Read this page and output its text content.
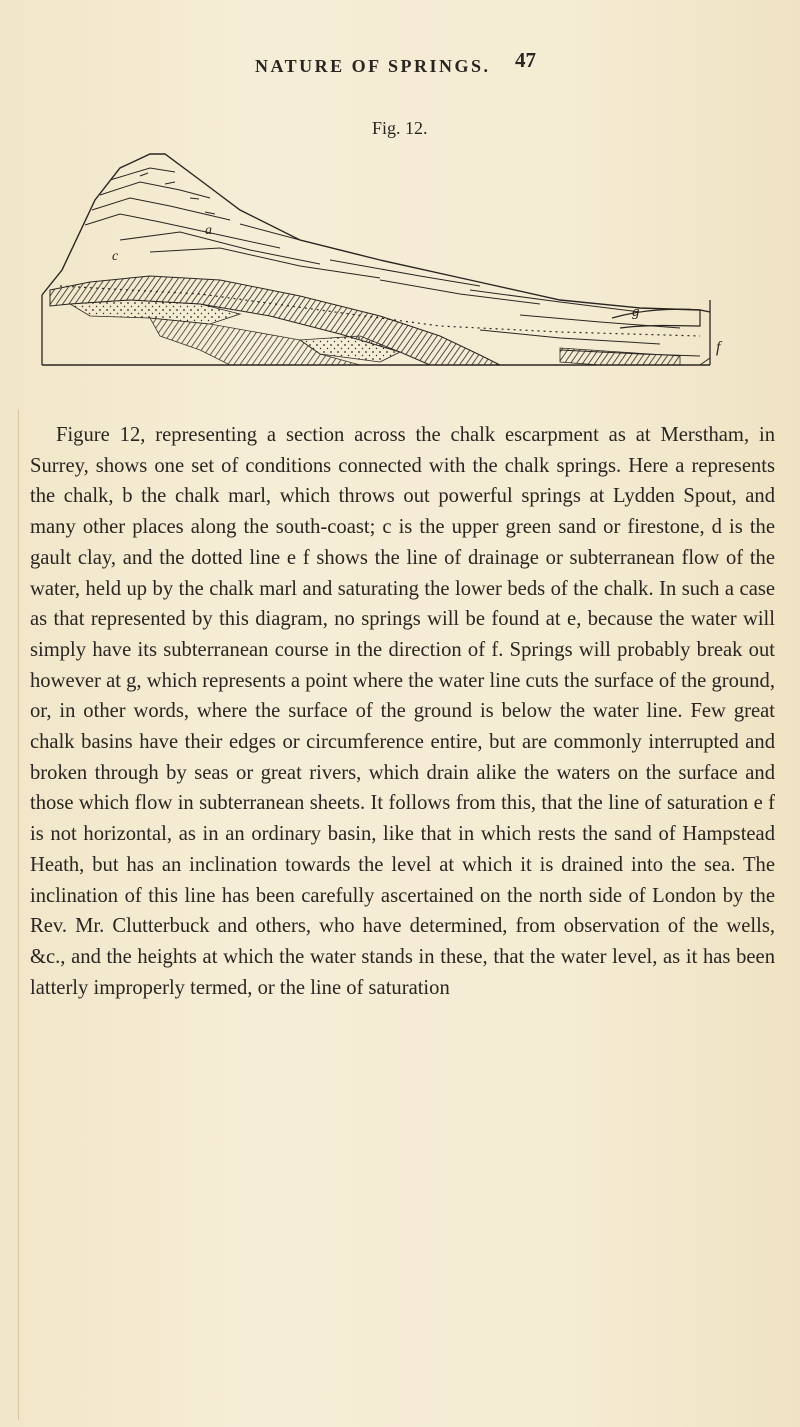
NATURE OF SPRINGS. 47
Fig. 12.
a
c
g
f

Figure 12, representing a section across the chalk escarpment as at Merstham, in Surrey, shows one set of conditions connected with the chalk springs. Here a represents the chalk, b the chalk marl, which throws out powerful springs at Lydden Spout, and many other places along the south-coast; c is the upper green sand or firestone, d is the gault clay, and the dotted line e f shows the line of drainage or subterranean flow of the water, held up by the chalk marl and saturating the lower beds of the chalk. In such a case as that represented by this diagram, no springs will be found at e, because the water will simply have its subterranean course in the direction of f. Springs will probably break out however at g, which represents a point where the water line cuts the surface of the ground, or, in other words, where the surface of the ground is below the water line. Few great chalk basins have their edges or circumference entire, but are commonly interrupted and broken through by seas or great rivers, which drain alike the waters on the surface and those which flow in subterranean sheets. It follows from this, that the line of saturation e f is not horizontal, as in an ordinary basin, like that in which rests the sand of Hampstead Heath, but has an inclination towards the level at which it is drained into the sea. The inclination of this line has been carefully ascertained on the north side of London by the Rev. Mr. Clutterbuck and others, who have determined, from observation of the wells, &c., and the heights at which the water stands in these, that the water level, as it has been latterly improperly termed, or the line of saturation
